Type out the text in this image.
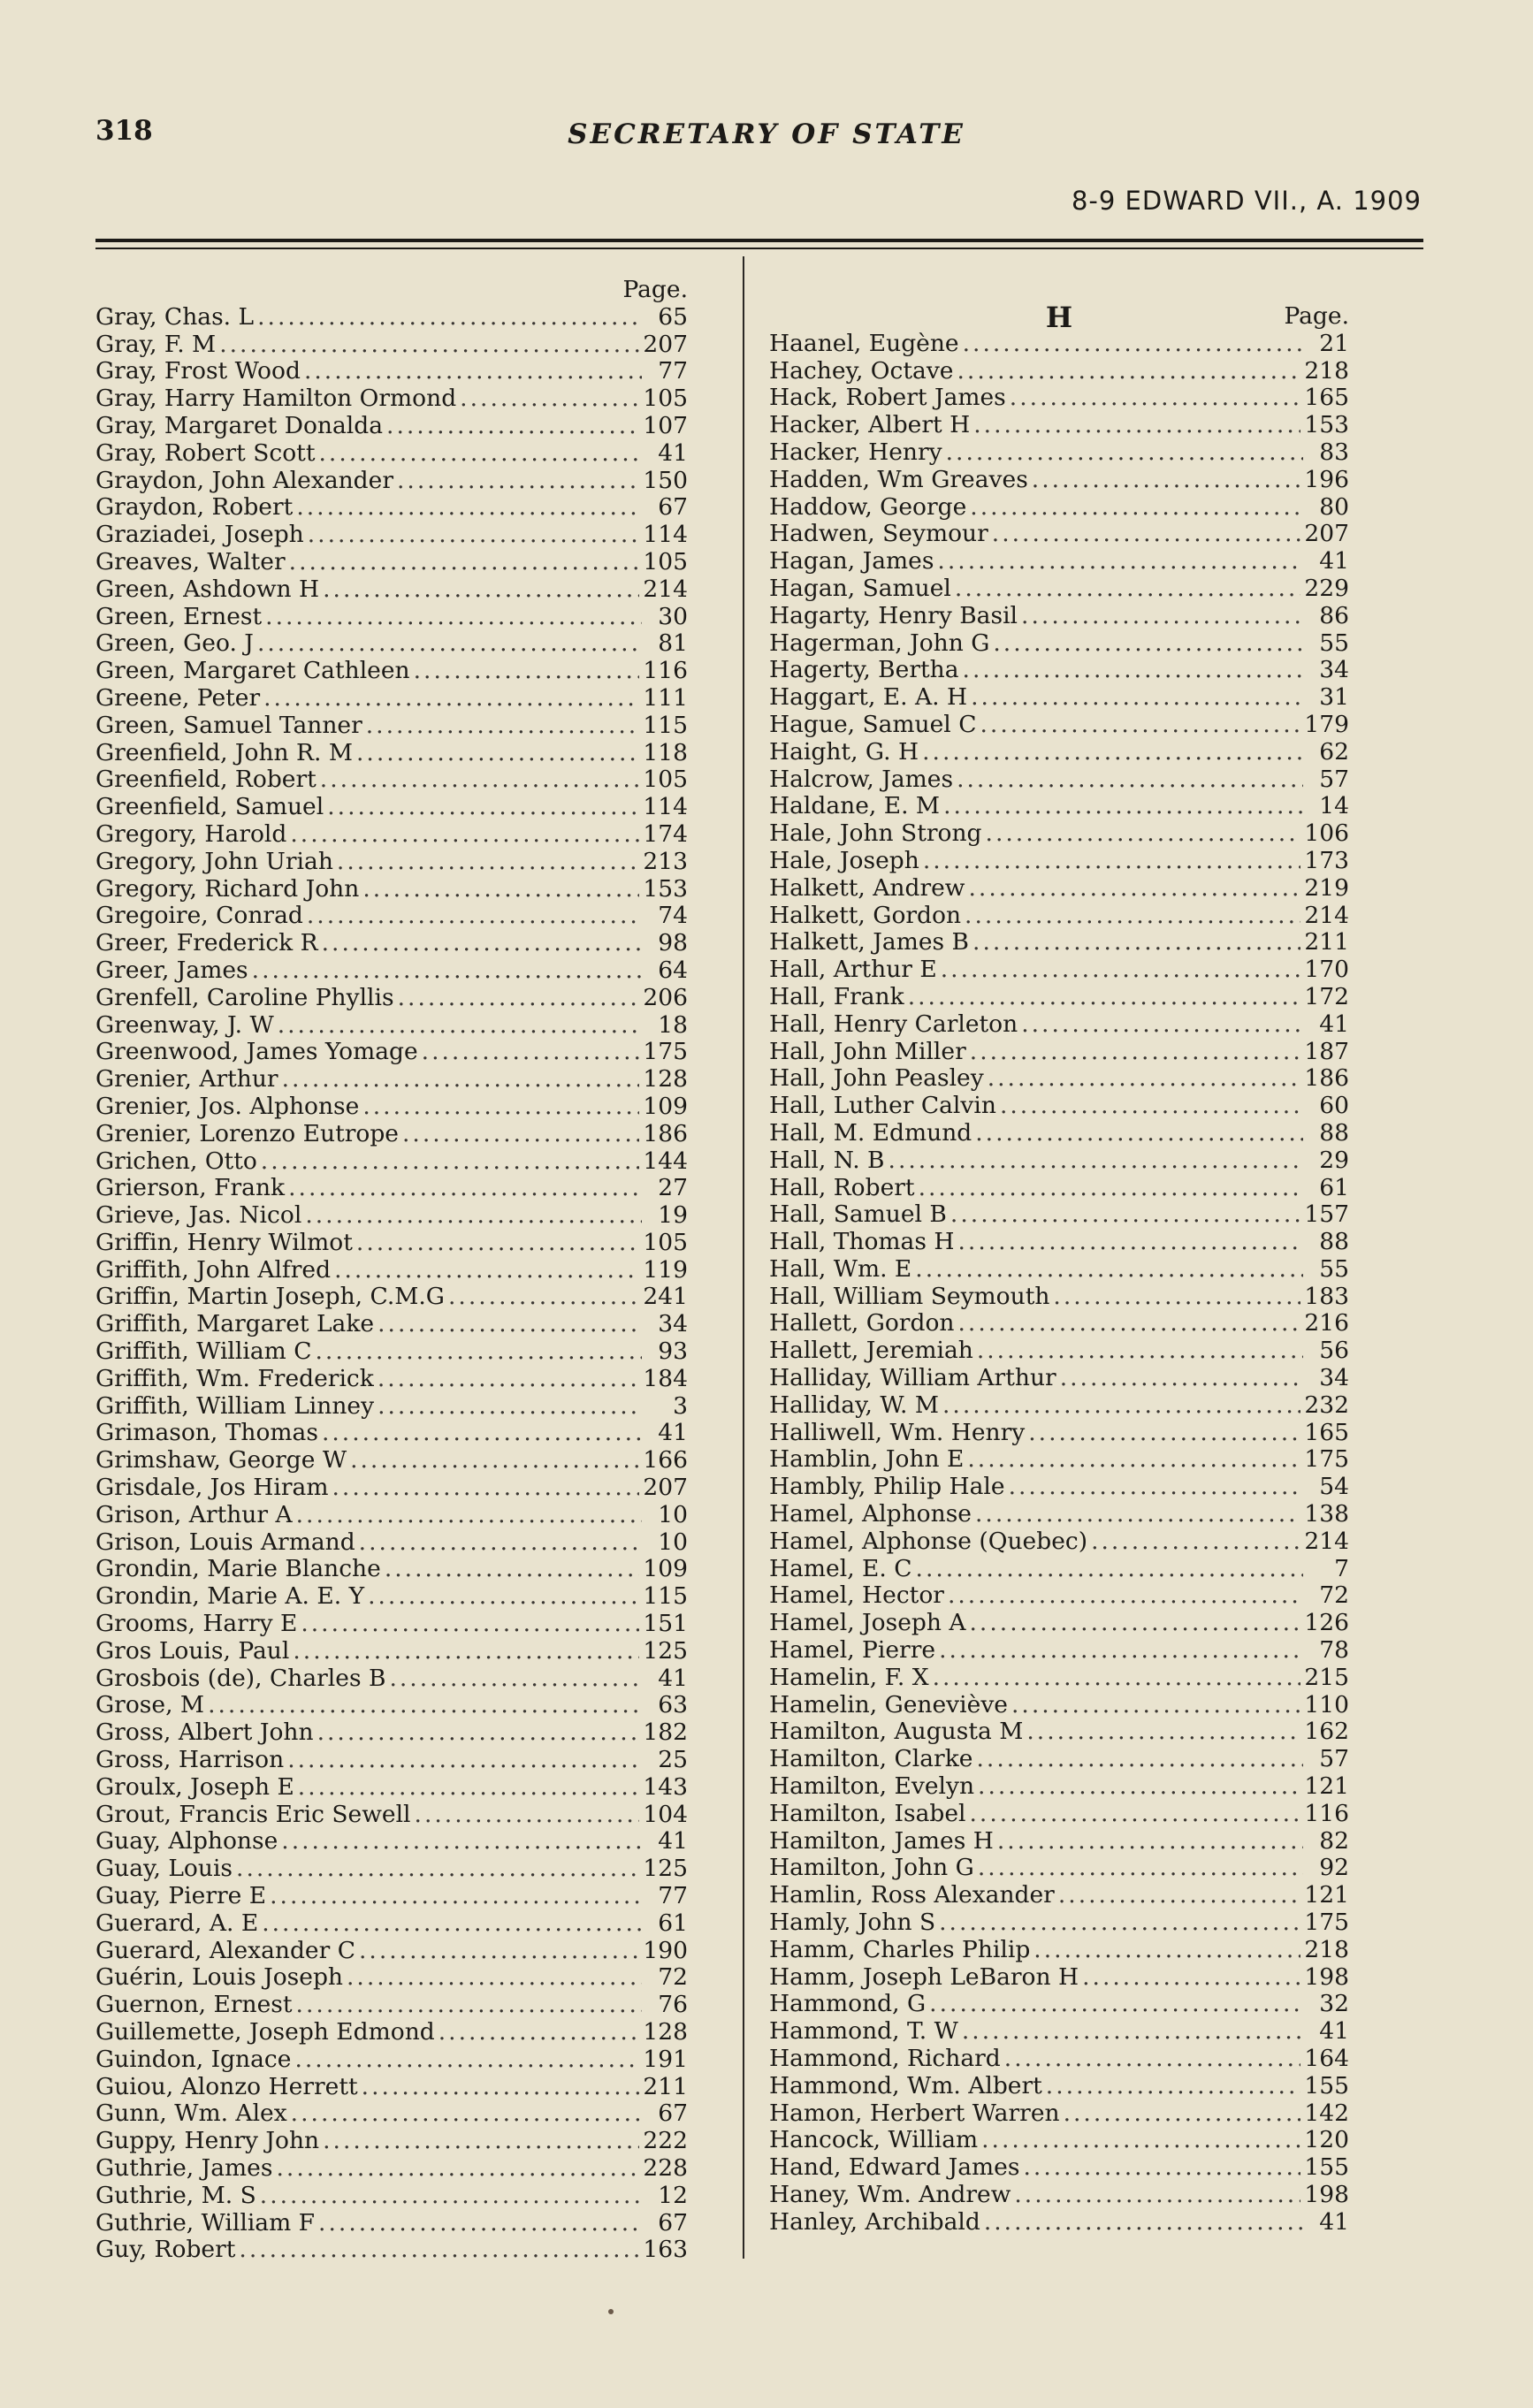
318	SECRETARY OF STATE
8-9 EDWARD VII., A. 1909
Page.
Gray, Chas. L .....	65
Gray, F. M .....	207
Gray, Frost Wood .....	77
Gray, Harry Hamilton Ormond .....	105
Gray, Margaret Donalda .....	107
Gray, Robert Scott .....	41
Graydon, John Alexander .....	150
Graydon, Robert .....	67
Graziadei, Joseph .....	114
Greaves, Walter .....	105
Green, Ashdown H .....	214
Green, Ernest .....	30
Green, Geo. J .....	81
Green, Margaret Cathleen .....	116
Greene, Peter .....	111
Green, Samuel Tanner .....	115
Greenfield, John R. M .....	118
Greenfield, Robert .....	105
Greenfield, Samuel .....	114
Gregory, Harold .....	174
Gregory, John Uriah .....	213
Gregory, Richard John .....	153
Gregoire, Conrad .....	74
Greer, Frederick R .....	98
Greer, James .....	64
Grenfell, Caroline Phyllis .....	206
Greenway, J. W .....	18
Greenwood, James Yomage .....	175
Grenier, Arthur .....	128
Grenier, Jos. Alphonse .....	109
Grenier, Lorenzo Eutrope .....	186
Grichen, Otto .....	144
Grierson, Frank .....	27
Grieve, Jas. Nicol .....	19
Griffin, Henry Wilmot .....	105
Griffith, John Alfred .....	119
Griffin, Martin Joseph, C.M.G .....	241
Griffith, Margaret Lake .....	34
Griffith, William C .....	93
Griffith, Wm. Frederick .....	184
Griffith, William Linney .....	3
Grimason, Thomas .....	41
Grimshaw, George W .....	166
Grisdale, Jos Hiram .....	207
Grison, Arthur A .....	10
Grison, Louis Armand .....	10
Grondin, Marie Blanche .....	109
Grondin, Marie A. E. Y .....	115
Grooms, Harry E .....	151
Gros Louis, Paul .....	125
Grosbois (de), Charles B .....	41
Grose, M .....	63
Gross, Albert John .....	182
Gross, Harrison .....	25
Groulx, Joseph E .....	143
Grout, Francis Eric Sewell .....	104
Guay, Alphonse .....	41
Guay, Louis .....	125
Guay, Pierre E .....	77
Guerard, A. E .....	61
Guerard, Alexander C .....	190
Guérin, Louis Joseph .....	72
Guernon, Ernest .....	76
Guillemette, Joseph Edmond .....	128
Guindon, Ignace .....	191
Guiou, Alonzo Herrett .....	211
Gunn, Wm. Alex .....	67
Guppy, Henry John .....	222
Guthrie, James .....	228
Guthrie, M. S .....	12
Guthrie, William F .....	67
Guy, Robert .....	163
H	Page.
Haanel, Eugène .....	21
Hachey, Octave .....	218
Hack, Robert James .....	165
Hacker, Albert H .....	153
Hacker, Henry .....	83
Hadden, Wm Greaves .....	196
Haddow, George .....	80
Hadwen, Seymour .....	207
Hagan, James .....	41
Hagan, Samuel .....	229
Hagarty, Henry Basil .....	86
Hagerman, John G .....	55
Hagerty, Bertha .....	34
Haggart, E. A. H .....	31
Hague, Samuel C .....	179
Haight, G. H .....	62
Halcrow, James .....	57
Haldane, E. M .....	14
Hale, John Strong .....	106
Hale, Joseph .....	173
Halkett, Andrew .....	219
Halkett, Gordon .....	214
Halkett, James B .....	211
Hall, Arthur E .....	170
Hall, Frank .....	172
Hall, Henry Carleton .....	41
Hall, John Miller .....	187
Hall, John Peasley .....	186
Hall, Luther Calvin .....	60
Hall, M. Edmund .....	88
Hall, N. B .....	29
Hall, Robert .....	61
Hall, Samuel B .....	157
Hall, Thomas H .....	88
Hall, Wm. E .....	55
Hall, William Seymouth .....	183
Hallett, Gordon .....	216
Hallett, Jeremiah .....	56
Halliday, William Arthur .....	34
Halliday, W. M .....	232
Halliwell, Wm. Henry .....	165
Hamblin, John E .....	175
Hambly, Philip Hale .....	54
Hamel, Alphonse .....	138
Hamel, Alphonse (Quebec) .....	214
Hamel, E. C .....	7
Hamel, Hector .....	72
Hamel, Joseph A .....	126
Hamel, Pierre .....	78
Hamelin, F. X .....	215
Hamelin, Geneviève .....	110
Hamilton, Augusta M .....	162
Hamilton, Clarke .....	57
Hamilton, Evelyn .....	121
Hamilton, Isabel .....	116
Hamilton, James H .....	82
Hamilton, John G .....	92
Hamlin, Ross Alexander .....	121
Hamly, John S .....	175
Hamm, Charles Philip .....	218
Hamm, Joseph LeBaron H .....	198
Hammond, G .....	32
Hammond, T. W .....	41
Hammond, Richard .....	164
Hammond, Wm. Albert .....	155
Hamon, Herbert Warren .....	142
Hancock, William .....	120
Hand, Edward James .....	155
Haney, Wm. Andrew .....	198
Hanley, Archibald .....	41
